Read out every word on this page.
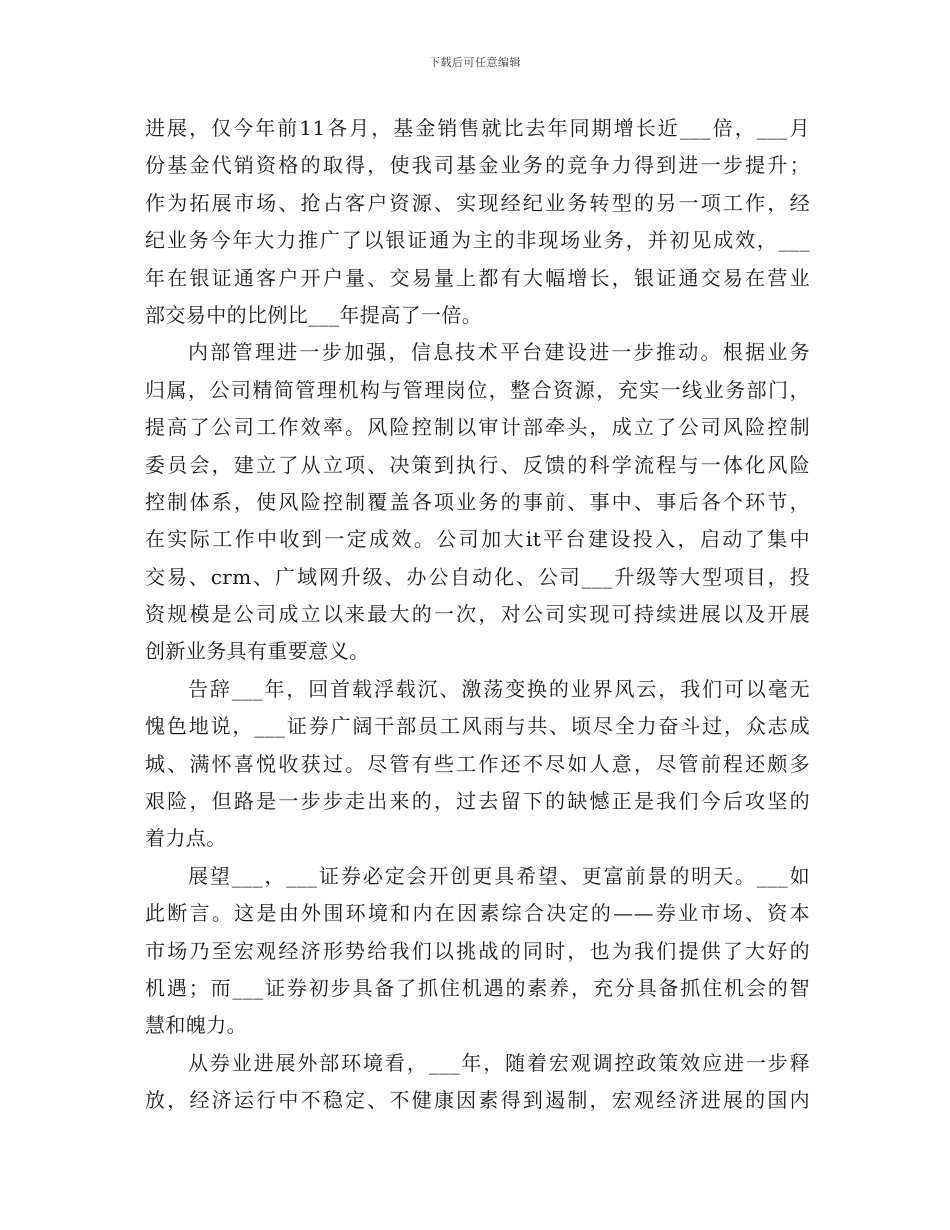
下载后可任意编辑
进展，仅今年前11各月，基金销售就比去年同期增长近___倍，___月
份基金代销资格的取得，使我司基金业务的竞争力得到进一步提升；
作为拓展市场、抢占客户资源、实现经纪业务转型的另一项工作，经
纪业务今年大力推广了以银证通为主的非现场业务，并初见成效，___
年在银证通客户开户量、交易量上都有大幅增长，银证通交易在营业
部交易中的比例比___年提高了一倍。
内部管理进一步加强，信息技术平台建设进一步推动。根据业务
归属，公司精简管理机构与管理岗位，整合资源，充实一线业务部门，
提高了公司工作效率。风险控制以审计部牵头，成立了公司风险控制
委员会，建立了从立项、决策到执行、反馈的科学流程与一体化风险
控制体系，使风险控制覆盖各项业务的事前、事中、事后各个环节，
在实际工作中收到一定成效。公司加大it平台建设投入，启动了集中
交易、crm、广域网升级、办公自动化、公司___升级等大型项目，投
资规模是公司成立以来最大的一次，对公司实现可持续进展以及开展
创新业务具有重要意义。
告辞___年，回首载浮载沉、激荡变换的业界风云，我们可以毫无
愧色地说，___证券广阔干部员工风雨与共、顷尽全力奋斗过，众志成
城、满怀喜悦收获过。尽管有些工作还不尽如人意，尽管前程还颇多
艰险，但路是一步步走出来的，过去留下的缺憾正是我们今后攻坚的
着力点。
展望___，___证券必定会开创更具希望、更富前景的明天。___如
此断言。这是由外围环境和内在因素综合决定的——券业市场、资本
市场乃至宏观经济形势给我们以挑战的同时，也为我们提供了大好的
机遇；而___证券初步具备了抓住机遇的素养，充分具备抓住机会的智
慧和魄力。
从券业进展外部环境看，___年，随着宏观调控政策效应进一步释
放，经济运行中不稳定、不健康因素得到遏制，宏观经济进展的国内
